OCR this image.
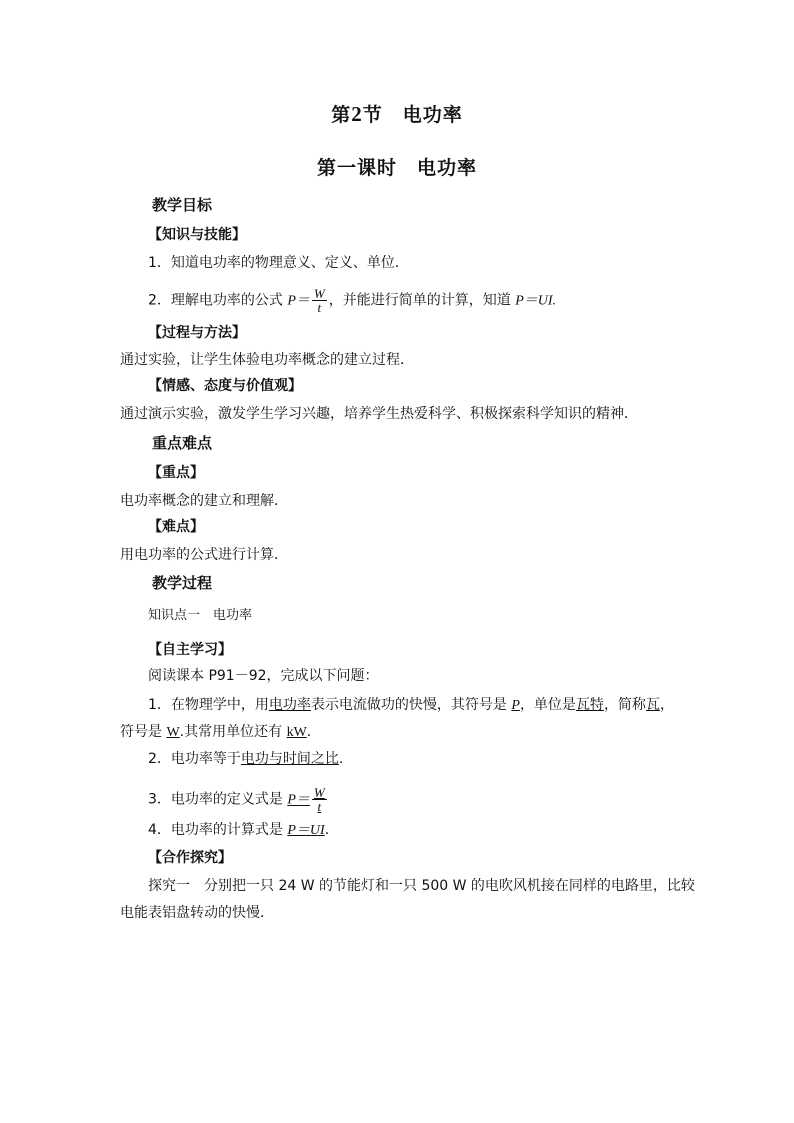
第2节 电功率
第一课时 电功率
教学目标
【知识与技能】
1．知道电功率的物理意义、定义、单位．
2．理解电功率的公式 $P= \frac{W}{t}$ ，并能进行简单的计算，知道 P＝UI.
【过程与方法】
通过实验，让学生体验电功率概念的建立过程．
【情感、态度与价值观】
通过演示实验，激发学生学习兴趣，培养学生热爱科学、积极探索科学知识的精神．
重点难点
【重点】
电功率概念的建立和理解．
【难点】
用电功率的公式进行计算．
教学过程
知识点一　电功率
【自主学习】
阅读课本 P91－92，完成以下问题：
1．在物理学中，用电功率表示电流做功的快慢，其符号是 P，单位是瓦特，简称瓦，
符号是 W.其常用单位还有 kW.
2．电功率等于电功与时间之比.
3．电功率的定义式是 $P= \frac{W}{t}$
4．电功率的计算式是 P＝UI.
【合作探究】
探究一　分别把一只 24 W 的节能灯和一只 500 W 的电吹风机接在同样的电路里，比较
电能表铝盘转动的快慢．
